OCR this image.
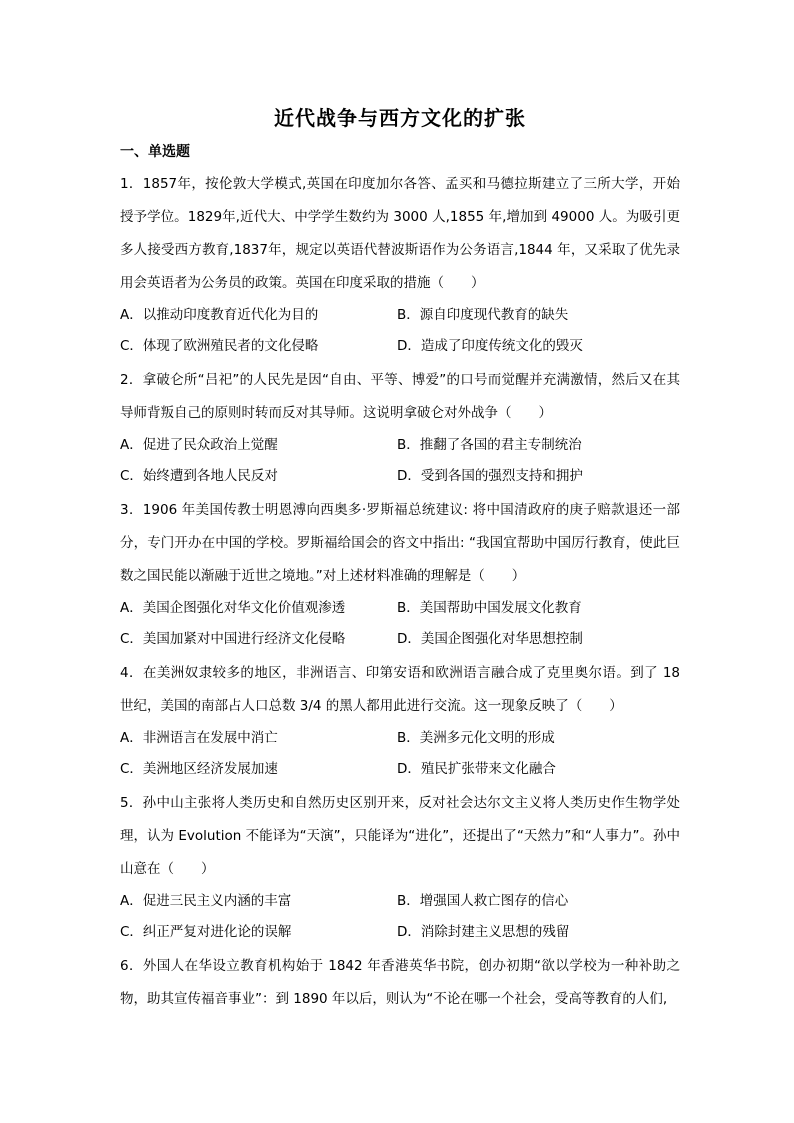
近代战争与西方文化的扩张
一、单选题

1．1857年，按伦敦大学模式,英国在印度加尔各答、孟买和马德拉斯建立了三所大学，开始授予学位。1829年,近代大、中学学生数约为 3000 人,1855 年,增加到 49000 人。为吸引更多人接受西方教育,1837年，规定以英语代替波斯语作为公务语言,1844 年，又采取了优先录用会英语者为公务员的政策。英国在印度采取的措施（　　）

A．以推动印度教育近代化为目的	B．源自印度现代教育的缺失
C．体现了欧洲殖民者的文化侵略	D．造成了印度传统文化的毁灭

2．拿破仑所“吕祀”的人民先是因“自由、平等、博爱”的口号而觉醒并充满激情，然后又在其导师背叛自己的原则时转而反对其导师。这说明拿破仑对外战争（　　）

A．促进了民众政治上觉醒	B．推翻了各国的君主专制统治
C．始终遭到各地人民反对	D．受到各国的强烈支持和拥护

3．1906 年美国传教士明恩溥向西奥多·罗斯福总统建议: 将中国清政府的庚子赔款退还一部分，专门开办在中国的学校。罗斯福给国会的咨文中指出: “我国宜帮助中国厉行教育，使此巨数之国民能以渐融于近世之境地。”对上述材料准确的理解是（　　）

A．美国企图强化对华文化价值观渗透	B．美国帮助中国发展文化教育
C．美国加紧对中国进行经济文化侵略	D．美国企图强化对华思想控制

4．在美洲奴隶较多的地区，非洲语言、印第安语和欧洲语言融合成了克里奥尔语。到了 18 世纪，美国的南部占人口总数 3/4 的黑人都用此进行交流。这一现象反映了（　　）

A．非洲语言在发展中消亡	B．美洲多元化文明的形成
C．美洲地区经济发展加速	D．殖民扩张带来文化融合

5．孙中山主张将人类历史和自然历史区别开来，反对社会达尔文主义将人类历史作生物学处理，认为 Evolution 不能译为“天演”，只能译为“进化”，还提出了“天然力”和“人事力”。孙中山意在（　　）

A．促进三民主义内涵的丰富	B．增强国人救亡图存的信心
C．纠正严复对进化论的误解	D．消除封建主义思想的残留

6．外国人在华设立教育机构始于 1842 年香港英华书院，创办初期“欲以学校为一种补助之物，助其宣传福音事业”：到 1890 年以后，则认为“不论在哪一个社会，受高等教育的人们,
